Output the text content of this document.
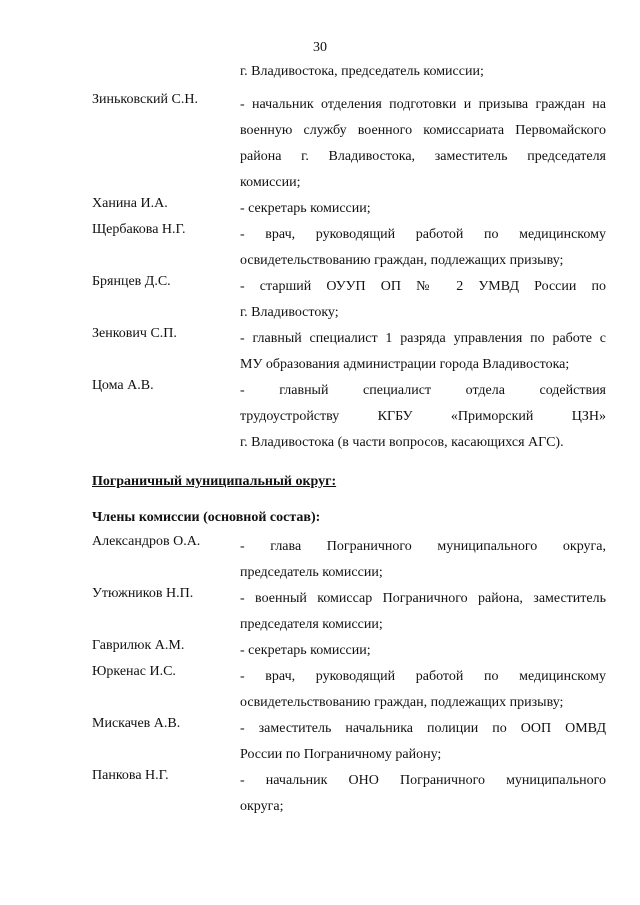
30
г. Владивостока, председатель комиссии;
Зиньковский С.Н.	- начальник отделения подготовки и призыва граждан на
военную службу военного комиссариата Первомайского
района г. Владивостока, заместитель председателя
комиссии;
Ханина И.А.	- секретарь комиссии;
Щербакова Н.Г.	- врач, руководящий работой по медицинскому
освидетельствованию граждан, подлежащих призыву;
Брянцев Д.С.	- старший ОУУП ОП № 2 УМВД России по
г. Владивостоку;
Зенкович С.П.	- главный специалист 1 разряда управления по работе с
МУ образования администрации города Владивостока;
Цома А.В.	- главный специалист отдела содействия
трудоустройству КГБУ «Приморский ЦЗН»
г. Владивостока (в части вопросов, касающихся АГС).
Пограничный муниципальный округ:
Члены комиссии (основной состав):
Александров О.А.	- глава Пограничного муниципального округа,
председатель комиссии;
Утюжников Н.П.	- военный комиссар Пограничного района, заместитель
председателя комиссии;
Гаврилюк А.М.	- секретарь комиссии;
Юркенас И.С.	- врач, руководящий работой по медицинскому
освидетельствованию граждан, подлежащих призыву;
Мискачев А.В.	- заместитель начальника полиции по ООП ОМВД
России по Пограничному району;
Панкова Н.Г.	- начальник ОНО Пограничного муниципального
округа;
